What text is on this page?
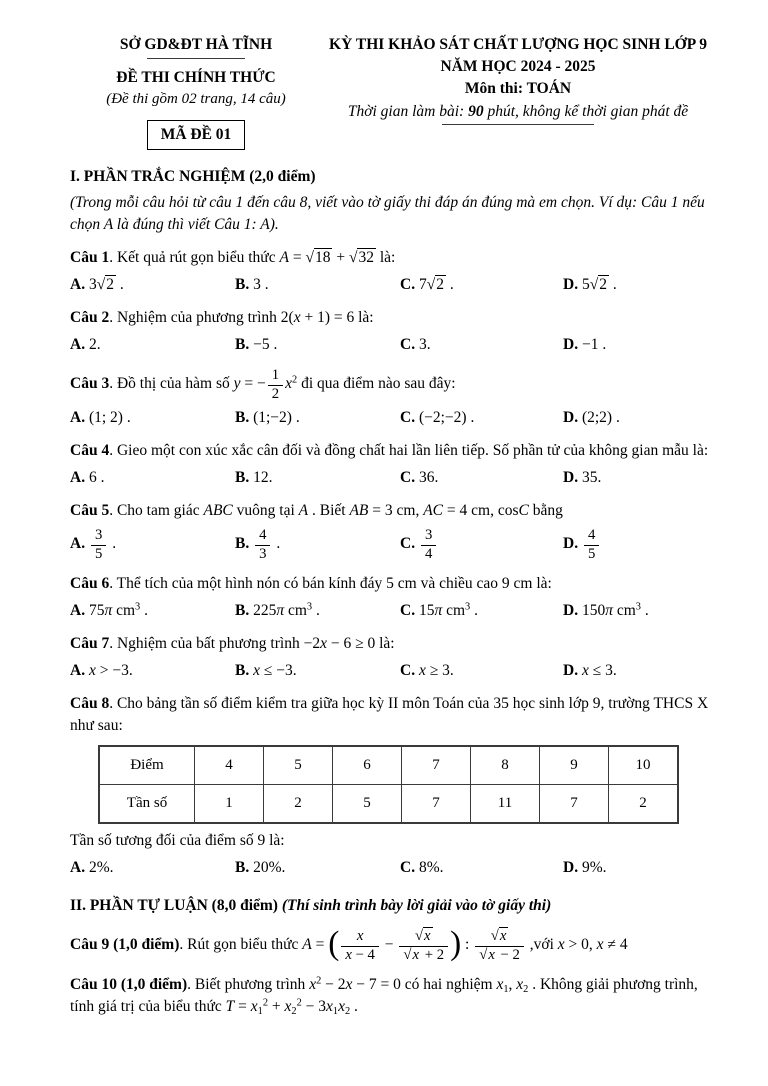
SỞ GD&ĐT HÀ TĨNH
ĐỀ THI CHÍNH THỨC
(Đề thi gồm 02 trang, 14 câu)
MÃ ĐỀ 01
KỲ THI KHẢO SÁT CHẤT LƯỢNG HỌC SINH LỚP 9
NĂM HỌC 2024 - 2025
Môn thi: TOÁN
Thời gian làm bài: 90 phút, không kể thời gian phát đề
I. PHẦN TRẮC NGHIỆM (2,0 điểm)
(Trong mỗi câu hỏi từ câu 1 đến câu 8, viết vào tờ giấy thi đáp án đúng mà em chọn. Ví dụ: Câu 1 nếu chọn A là đúng thì viết Câu 1: A).
Câu 1. Kết quả rút gọn biểu thức A = √18 + √32 là:
A. 3√2 .	B. 3 .	C. 7√2 .	D. 5√2 .
Câu 2. Nghiệm của phương trình 2(x + 1) = 6 là:
A. 2.	B. −5 .	C. 3.	D. −1 .
Câu 3. Đồ thị của hàm số y = − $\frac{1}{2} x^2$ đi qua điểm nào sau đây:
A. (1; 2) .	B. (1;−2) .	C. (−2;−2) .	D. (2;2) .
Câu 4. Gieo một con xúc xắc cân đối và đồng chất hai lần liên tiếp. Số phần tử của không gian mẫu là:
A. 6 .	B. 12.	C. 36.	D. 35.
Câu 5. Cho tam giác ABC vuông tại A . Biết AB = 3 cm, AC = 4 cm, cosC bằng
A. $\frac{3}{5}$ .	B. $\frac{4}{3}$ .	C. $\frac{3}{4}$	D. $\frac{4}{5}$
Câu 6. Thể tích của một hình nón có bán kính đáy 5 cm và chiều cao 9 cm là:
A. 75π $cm^3$ .	B. 225π $cm^3$ .	C. 15π $cm^3$ .	D. 150π $cm^3$ .
Câu 7. Nghiệm của bất phương trình −2x − 6 ≥ 0 là:
A. x > −3.	B. x ≤ −3.	C. x ≥ 3.	D. x ≤ 3.
Câu 8. Cho bảng tần số điểm kiểm tra giữa học kỳ II môn Toán của 35 học sinh lớp 9, trường THCS X như sau:
Điểm	4	5	6	7	8	9	10
Tần số	1	2	5	7	11	7	2
Tần số tương đối của điểm số 9 là:
A. 2%.	B. 20%.	C. 8%.	D. 9%.
II. PHẦN TỰ LUẬN (8,0 điểm) (Thí sinh trình bày lời giải vào tờ giấy thi)
Câu 9 (1,0 điểm). Rút gọn biểu thức A = ( $\frac{x}{x - 4} - \frac{√x}{√x + 2}$ ) : $\frac{√x}{√x - 2}$ ,với x > 0, x ≠ 4
Câu 10 (1,0 điểm). Biết phương trình $x^2 - 2x - 7 = 0$ có hai nghiệm $x_1$, $x_2$ . Không giải phương trình, tính giá trị của biểu thức $T = x_1^2 + x_2^2 - 3x_1x_2$ .
